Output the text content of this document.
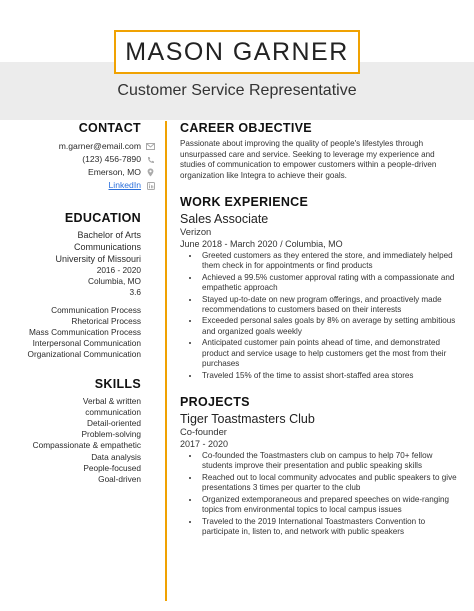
MASON GARNER
Customer Service Representative
CONTACT
m.garner@email.com
(123) 456-7890
Emerson, MO
LinkedIn
EDUCATION
Bachelor of Arts
Communications
University of Missouri
2016 - 2020
Columbia, MO
3.6
Communication Process
Rhetorical Process
Mass Communication Process
Interpersonal Communication
Organizational Communication
SKILLS
Verbal & written
communication
Detail-oriented
Problem-solving
Compassionate & empathetic
Data analysis
People-focused
Goal-driven
CAREER OBJECTIVE
Passionate about improving the quality of people's lifestyles through unsurpassed care and service. Seeking to leverage my experience and studies of communication to empower customers within a people-driven organization like Integra to achieve their goals.
WORK EXPERIENCE
Sales Associate
Verizon
June 2018 - March 2020 / Columbia, MO
• Greeted customers as they entered the store, and immediately helped them check in for appointments or find products
• Achieved a 99.5% customer approval rating with a compassionate and empathetic approach
• Stayed up-to-date on new program offerings, and proactively made recommendations to customers based on their interests
• Exceeded personal sales goals by 8% on average by setting ambitious and organized goals weekly
• Anticipated customer pain points ahead of time, and demonstrated product and service usage to help customers get the most from their purchases
• Traveled 15% of the time to assist short-staffed area stores
PROJECTS
Tiger Toastmasters Club
Co-founder
2017 - 2020
• Co-founded the Toastmasters club on campus to help 70+ fellow students improve their presentation and public speaking skills
• Reached out to local community advocates and public speakers to give presentations 3 times per quarter to the club
• Organized extemporaneous and prepared speeches on wide-ranging topics from environmental topics to local campus issues
• Traveled to the 2019 International Toastmasters Convention to participate in, listen to, and network with public speakers
